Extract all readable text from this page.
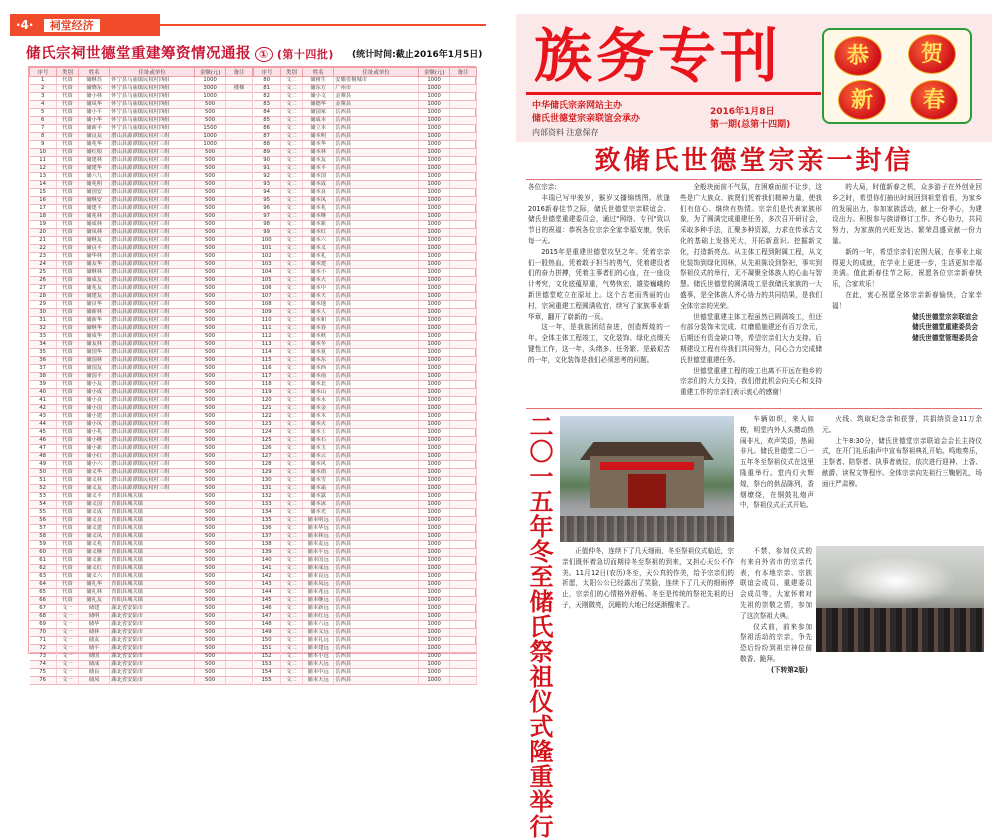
·4· 祠堂经济
储氏宗祠世德堂重建筹资情况通报 ① (第十四批) (统计时间:截止2016年1月5日)
序号	类别	姓名	住址或单位	金额(元)	备注
1	代资	储继苏	怀宁县马庙镇民权村四组	1000	
2	代资	储晓东	怀宁县马庙镇民权村四组	3000	楼梯
3	代资	储小林	怀宁县马庙镇民权村四组	1000	
4	代资	储凤华	怀宁县马庙镇民权村四组	500	
5	代资	储小平	怀宁县马庙镇民权村四组	500	
6	代资	储小华	怀宁县马庙镇民权村四组	500	
7	代资	储新平	怀宁县马庙镇民权村四组	1500	
8	代资	储良友	潜山县源潭镇民权村三组	1000	
9	代资	储兆华	潜山县源潭镇民权村三组	1000	
10	代资	储红根	潜山县源潭镇民权村三组	500	
11	代资	储建林	潜山县源潭镇民权村三组	500	
12	代资	储建华	潜山县源潭镇民权村三组	500	
13	代资	储六九	潜山县源潭镇民权村三组	500	
14	代资	储兆明	潜山县源潭镇民权村三组	500	
15	代资	储国安	潜山县源潭镇民权村三组	500	
16	代资	储继安	潜山县源潭镇民权村三组	500	
17	代资	储建平	潜山县源潭镇民权村三组	500	
18	代资	储兆林	潜山县源潭镇民权村三组	500	
19	代资	储成林	潜山县源潭镇民权村三组	500	
20	代资	储凤林	潜山县源潭镇民权村三组	500	
21	代资	储继友	潜山县源潭镇民权村三组	500	
22	代资	储良平	潜山县源潭镇民权村三组	500	
23	代资	储华林	潜山县源潭镇民权村三组	500	
24	代资	储友华	潜山县源潭镇民权村三组	500	
25	代资	储继林	潜山县源潭镇民权村三组	500	
26	代资	储成友	潜山县源潭镇民权村三组	500	
27	代资	储兆友	潜山县源潭镇民权村三组	500	
28	代资	储建友	潜山县源潭镇民权村三组	500	
29	代资	储良华	潜山县源潭镇民权村三组	500	
30	代资	储新林	潜山县源潭镇民权村三组	500	
31	代资	储新华	潜山县源潭镇民权村三组	500	
32	代资	储继华	潜山县源潭镇民权村三组	500	
33	代资	储成华	潜山县源潭镇民权村三组	500	
34	代资	储友林	潜山县源潭镇民权村三组	500	
35	代资	储国华	潜山县源潭镇民权村三组	500	
36	代资	储国林	潜山县源潭镇民权村三组	500	
37	代资	储国友	潜山县源潭镇民权村三组	500	
38	代资	储国平	潜山县源潭镇民权村三组	500	
39	代资	储小友	潜山县源潭镇民权村三组	500	
40	代资	储小成	潜山县源潭镇民权村三组	500	
41	代资	储小良	潜山县源潭镇民权村三组	500	
42	代资	储小国	潜山县源潭镇民权村三组	500	
43	代资	储小建	潜山县源潭镇民权村三组	500	
44	代资	储小凤	潜山县源潭镇民权村三组	500	
45	代资	储小兆	潜山县源潭镇民权村三组	500	
46	代资	储小继	潜山县源潭镇民权村三组	500	
47	代资	储小新	潜山县源潭镇民权村三组	500	
48	代资	储小红	潜山县源潭镇民权村三组	500	
49	代资	储小六	潜山县源潭镇民权村三组	500	
50	代资	储义华	潜山县源潭镇民权村三组	500	
51	代资	储义林	潜山县源潭镇民权村三组	500	
52	代资	储义友	潜山县源潭镇民权村三组	500	
53	代资	储义平	青阳县城关镇	500	
54	代资	储义国	青阳县城关镇	500	
55	代资	储义成	青阳县城关镇	500	
56	代资	储义良	青阳县城关镇	500	
57	代资	储义建	青阳县城关镇	500	
58	代资	储义凤	青阳县城关镇	500	
59	代资	储义兆	青阳县城关镇	500	
60	代资	储义继	青阳县城关镇	500	
61	代资	储义新	青阳县城关镇	500	
62	代资	储义红	青阳县城关镇	500	
63	代资	储义六	青阳县城关镇	500	
64	代资	储礼华	青阳县城关镇	500	
65	代资	储礼林	青阳县城关镇	500	
66	代资	储礼友	青阳县城关镇	500	
67	文一	储建	湖北省安陆市	500	
68	文一	储明	湖北省安陆市	500	
69	文一	储华	湖北省安陆市	500	
70	文一	储林	湖北省安陆市	500	
71	文一	储友	湖北省安陆市	500	
72	文一	储平	湖北省安陆市	500	
73	文一	储国	湖北省安陆市	500	
74	文一	储成	湖北省安陆市	500	
75	文一	储良	湖北省安陆市	500	
76	文一	储凤	湖北省安陆市	500	
序号	类别	姓名	住址或单位	金额(元)	备注
80	文二	储树生	安徽省桐城市	1000	
81	文二	储东方	广州市	1000	
82	文二	储小文	金寨县	1000	
83	文二	储德华	金寨县	1000	
84	文二	储国家	岳西县	1000	
85	文二	储成本	岳西县	1000	
86	文二	储立本	岳西县	1000	
87	文二	储本明	岳西县	1000	
88	文二	储本华	岳西县	1000	
89	文二	储本林	岳西县	1000	
90	文二	储本友	岳西县	1000	
91	文二	储本平	岳西县	1000	
92	文二	储本国	岳西县	1000	
93	文二	储本成	岳西县	1000	
94	文二	储本良	岳西县	1000	
95	文二	储本凤	岳西县	1000	
96	文二	储本兆	岳西县	1000	
97	文二	储本继	岳西县	1000	
98	文二	储本新	岳西县	1000	
99	文二	储本红	岳西县	1000	
100	文二	储本六	岳西县	1000	
101	文二	储本义	岳西县	1000	
102	文二	储本礼	岳西县	1000	
103	文二	储本建	岳西县	1000	
104	文二	储本小	岳西县	1000	
105	文二	储本大	岳西县	1000	
106	文二	储本中	岳西县	1000	
107	文二	储本天	岳西县	1000	
108	文二	储本地	岳西县	1000	
109	文二	储本人	岳西县	1000	
110	文二	储本和	岳西县	1000	
111	文二	储本春	岳西县	1000	
112	文二	储本秋	岳西县	1000	
113	文二	储本冬	岳西县	1000	
114	文二	储本夏	岳西县	1000	
115	文二	储本东	岳西县	1000	
116	文二	储本西	岳西县	1000	
117	文二	储本南	岳西县	1000	
118	文二	储本北	岳西县	1000	
119	文二	储本山	岳西县	1000	
120	文二	储本水	岳西县	1000	
121	文二	储本金	岳西县	1000	
122	文二	储本木	岳西县	1000	
123	文二	储本火	岳西县	1000	
124	文二	储本土	岳西县	1000	
125	文二	储本石	岳西县	1000	
126	文二	储本玉	岳西县	1000	
127	文二	储本云	岳西县	1000	
128	文二	储本风	岳西县	1000	
129	文二	储本雨	岳西县	1000	
130	文二	储本雪	岳西县	1000	
131	文二	储本霜	岳西县	1000	
132	文二	储本露	岳西县	1000	
133	文二	储本冰	岳西县	1000	
134	文二	储本光	岳西县	1000	
135	文二	储本明远	岳西县	1000	
136	文二	储本华远	岳西县	1000	
137	文二	储本林远	岳西县	1000	
138	文二	储本友远	岳西县	1000	
139	文二	储本平远	岳西县	1000	
140	文二	储本国远	岳西县	1000	
141	文二	储本成远	岳西县	1000	
142	文二	储本良远	岳西县	1000	
143	文二	储本凤远	岳西县	1000	
144	文二	储本兆远	岳西县	1000	
145	文二	储本继远	岳西县	1000	
146	文二	储本新远	岳西县	1000	
147	文二	储本红远	岳西县	1000	
148	文二	储本六远	岳西县	1000	
149	文二	储本义远	岳西县	1000	
150	文二	储本礼远	岳西县	1000	
151	文二	储本建远	岳西县	1000	
152	文二	储本小远	岳西县	1000	
153	文二	储本大远	岳西县	1000	
154	文二	储本中远	岳西县	1000	
155	文二	储本天远	岳西县	1000	
族务专刊
中华储氏宗亲网站主办
储氏世德堂宗亲联谊会承办
内部资料 注意保存
2016年1月8日
第一期(总第十四期)
恭	贺
新	春
致储氏世德堂宗亲一封信

各位宗亲:

丰瑞已写甲骏岁，猴岁又播锦绣图。欣逢2016新春佳节之际，储氏世德堂宗亲联谊会、储氏世德堂重建委员会，通过"网络、专刊"致以节日的祝福：恭祝各位宗亲全家幸福安康，快乐每一天。

2015年是重建世德堂攻坚之年。凭着宗亲们一股热血，凭着敢于担当的勇气，凭着建设者们的奋力拼搏，凭着主事者们的心血，在一座设计考究，文化底蕴厚重，气势恢宏，雄姿巍峨的新世德堂屹立在原址上。这个古老而秀丽的山村，宗祠重建工程圆满收官，续写了家族事业新华章，翻开了崭新的一页。

这一年，是我族团结奋进，创造辉煌的一年。全体主体工程竣工，文化装饰、绿化点缀关键性工作，这一年，头绪多、任务繁、是最艰苦的一年，文化装饰是我们必须思考的问题。

全般块面前不气氛，在困难面前不让步，这些是广大族众、族贤们凭着我们精神力量，使我们有信心、继续有热情。宗亲们是代表家族形象，为了圆满完成重建任务，多次召开研讨会，采取多种手法，汇聚多种资源，力求在传承古文化的基础上发扬光大，开拓新意识。挖掘新文化，打造新亮点。从主体工程到附属工程，从文化装饰到绿化园林，从先祖陈设到祭祀，事实到祭祖仪式的举行，无不凝聚全体族人的心血与智慧。储氏世德堂的圆满竣工是我储氏家族的一大盛事，是全体族人齐心协力的共同结果，是我们全体宗亲的光荣。

世德堂重建主体工程虽然已圆满竣工，但还有部分装饰未完成、红磨船施建还有百万余元，后期还有资金缺口等，希望宗亲们大力支持。后期建设工程有待我们共同努力，同心合力完成储氏世德堂重建任务。

世德堂重建工程的竣工也离不开远在他乡的宗亲们的大力支持，我们借此机会向关心和支持重建工作的宗亲们表示衷心的感谢！

的大局，时值新春之机，众多游子在外创业回乡之时，希望你们抽出时间回到祖堂看看，为家乡的发展出力，参加家族活动，献上一份孝心，为建设出力。积极参与族谱修订工作。齐心协力，共同努力，为家族的兴旺发达、繁荣昌盛贡献一份力量。

新的一年，希望宗亲们宏图大展，在事业上取得更大的成就，在学业上更进一步，生活更加幸福美满。值此新春佳节之际，祝愿各位宗亲新春快乐，合家欢乐！

在此，衷心祝愿全体宗亲新春愉快，合家幸福！

储氏世德堂宗亲联谊会
储氏世德堂重建委员会
储氏世德堂管理委员会
二〇一五年冬至储氏祭祖仪式隆重举行	车辆如织，来人如梭，明堂内外人头攒动热闹非凡，欢声笑语，热闹非凡。储氏世德堂二〇一五年冬至祭祖仪式在这里隆重举行。堂内灯火辉煌，祭台的供品陈列，香烟缭绕，在铜鼓礼炮声中，祭祖仪式正式开始。

火线、筑取纪念亲和获誉，共捐纳资金11万余元。

上午8:30分，储氏世德堂宗亲联谊会会长主持仪式，在开门礼乐曲声中宣布祭祖典礼开始。鸣炮奏乐，主祭者、陪祭者、执事者就位，依次进行迎神、上香、献爵、读祝文等程序。全体宗亲向先祖行三鞠躬礼，场面庄严肃穆。

正值仲冬，连续下了几天细雨，冬至祭祖仪式临近，宗亲们既怀着急切而期待冬至祭祖的到来，又担心天公不作美。11月12日(农历)冬至，天公真的作美，给予宗亲们的祈愿，太阳公公已经露出了笑脸，连续下了几天的细雨停止，宗亲们的心情格外舒畅。冬至是传统的祭祀先祖的日子，天刚微亮，沉睡的大地已经逐渐醒来了。

不禁，参加仪式的有来自外省市的宗亲代表，有本地宗亲、宗族联谊会成员、重建委员会成员等，大家怀着对先祖的崇敬之情，参加了这次祭祖大典。

仪式前，前来参加祭祖活动的宗亲，争先恐后纷纷到祖宗神位前敬香、跪拜。

(下转第2版)
